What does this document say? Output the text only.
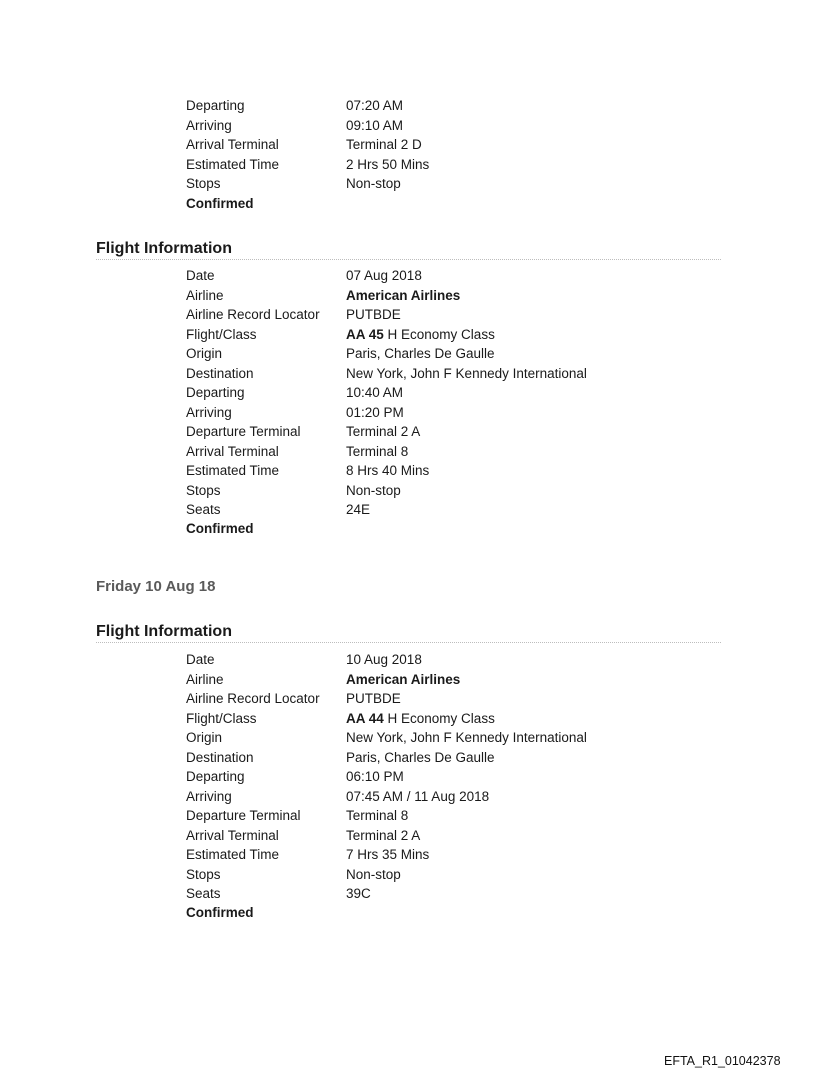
Departing	07:20 AM
Arriving	09:10 AM
Arrival Terminal	Terminal 2 D
Estimated Time	2 Hrs 50 Mins
Stops	Non-stop
Confirmed
Flight Information
Date	07 Aug 2018
Airline	American Airlines
Airline Record Locator PUTBDE
Flight/Class	AA 45 H Economy Class
Origin	Paris, Charles De Gaulle
Destination	New York, John F Kennedy International
Departing	10:40 AM
Arriving	01:20 PM
Departure Terminal	Terminal 2 A
Arrival Terminal	Terminal 8
Estimated Time	8 Hrs 40 Mins
Stops	Non-stop
Seats	24E
Confirmed
Friday 10 Aug 18
Flight Information
Date	10 Aug 2018
Airline	American Airlines
Airline Record Locator PUTBDE
Flight/Class	AA 44 H Economy Class
Origin	New York, John F Kennedy International
Destination	Paris, Charles De Gaulle
Departing	06:10 PM
Arriving	07:45 AM / 11 Aug 2018
Departure Terminal	Terminal 8
Arrival Terminal	Terminal 2 A
Estimated Time	7 Hrs 35 Mins
Stops	Non-stop
Seats	39C
Confirmed
EFTA_R1_01042378
